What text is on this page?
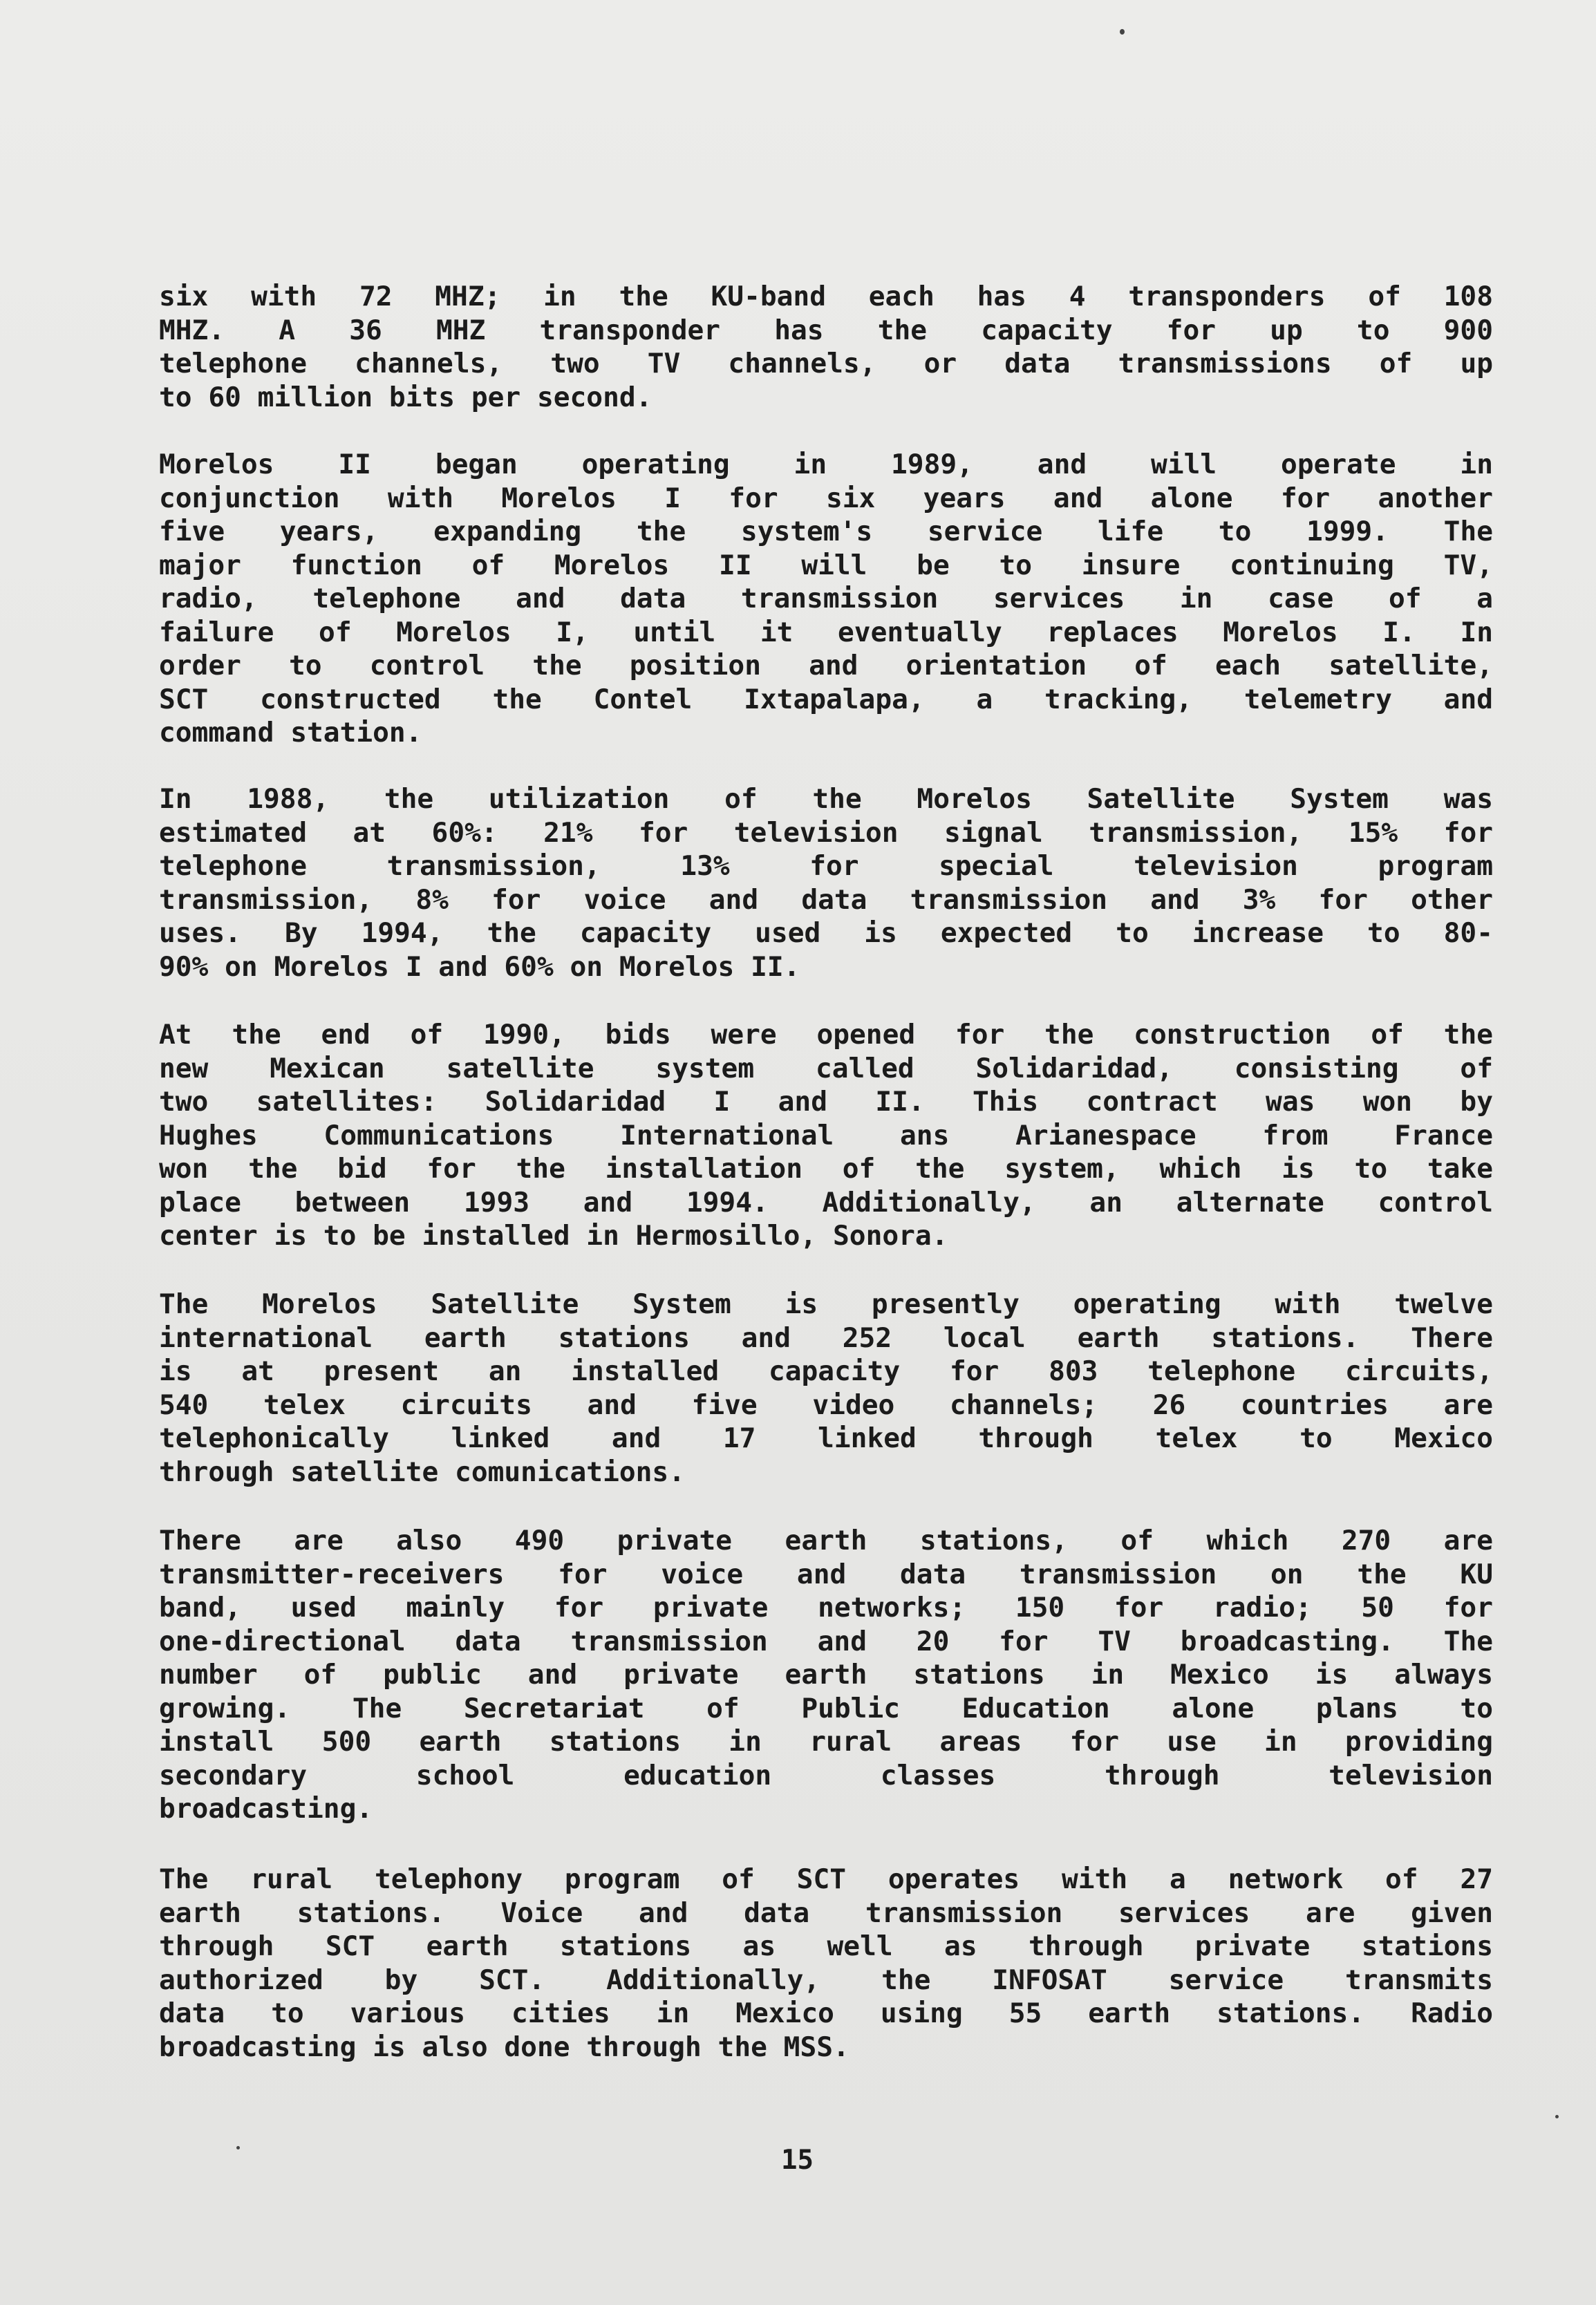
six with 72 MHZ; in the KU-band each has 4 transponders of 108
MHZ. A 36 MHZ transponder has the capacity for up to 900
telephone channels, two TV channels, or data transmissions of up
to 60 million bits per second.
Morelos II began operating in 1989, and will operate in
conjunction with Morelos I for six years and alone for another
five years, expanding the system's service life to 1999. The
major function of Morelos II will be to insure continuing TV,
radio, telephone and data transmission services in case of a
failure of Morelos I, until it eventually replaces Morelos I. In
order to control the position and orientation of each satellite,
SCT constructed the Contel Ixtapalapa, a tracking, telemetry and
command station.
In 1988, the utilization of the Morelos Satellite System was
estimated at 60%: 21% for television signal transmission, 15% for
telephone transmission, 13% for special television program
transmission, 8% for voice and data transmission and 3% for other
uses. By 1994, the capacity used is expected to increase to 80-
90% on Morelos I and 60% on Morelos II.
At the end of 1990, bids were opened for the construction of the
new Mexican satellite system called Solidaridad, consisting of
two satellites: Solidaridad I and II. This contract was won by
Hughes Communications International ans Arianespace from France
won the bid for the installation of the system, which is to take
place between 1993 and 1994. Additionally, an alternate control
center is to be installed in Hermosillo, Sonora.
The Morelos Satellite System is presently operating with twelve
international earth stations and 252 local earth stations. There
is at present an installed capacity for 803 telephone circuits,
540 telex circuits and five video channels; 26 countries are
telephonically linked and 17 linked through telex to Mexico
through satellite comunications.
There are also 490 private earth stations, of which 270 are
transmitter-receivers for voice and data transmission on the KU
band, used mainly for private networks; 150 for radio; 50 for
one-directional data transmission and 20 for TV broadcasting. The
number of public and private earth stations in Mexico is always
growing. The Secretariat of Public Education alone plans to
install 500 earth stations in rural areas for use in providing
secondary school education classes through television
broadcasting.
The rural telephony program of SCT operates with a network of 27
earth stations. Voice and data transmission services are given
through SCT earth stations as well as through private stations
authorized by SCT. Additionally, the INFOSAT service transmits
data to various cities in Mexico using 55 earth stations. Radio
broadcasting is also done through the MSS.
15
